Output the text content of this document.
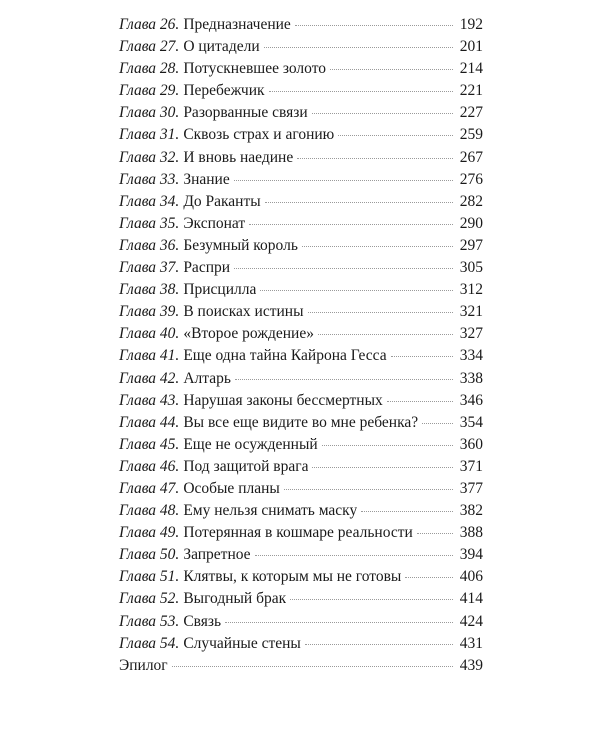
Глава 26. Предназначение	192
Глава 27. О цитадели	201
Глава 28. Потускневшее золото	214
Глава 29. Перебежчик	221
Глава 30. Разорванные связи	227
Глава 31. Сквозь страх и агонию	259
Глава 32. И вновь наедине	267
Глава 33. Знание	276
Глава 34. До Раканты	282
Глава 35. Экспонат	290
Глава 36. Безумный король	297
Глава 37. Распри	305
Глава 38. Присцилла	312
Глава 39. В поисках истины	321
Глава 40. «Второе рождение»	327
Глава 41. Еще одна тайна Кайрона Гесса	334
Глава 42. Алтарь	338
Глава 43. Нарушая законы бессмертных	346
Глава 44. Вы все еще видите во мне ребенка?	354
Глава 45. Еще не осужденный	360
Глава 46. Под защитой врага	371
Глава 47. Особые планы	377
Глава 48. Ему нельзя снимать маску	382
Глава 49. Потерянная в кошмаре реальности	388
Глава 50. Запретное	394
Глава 51. Клятвы, к которым мы не готовы	406
Глава 52. Выгодный брак	414
Глава 53. Связь	424
Глава 54. Случайные стены	431
Эпилог	439
